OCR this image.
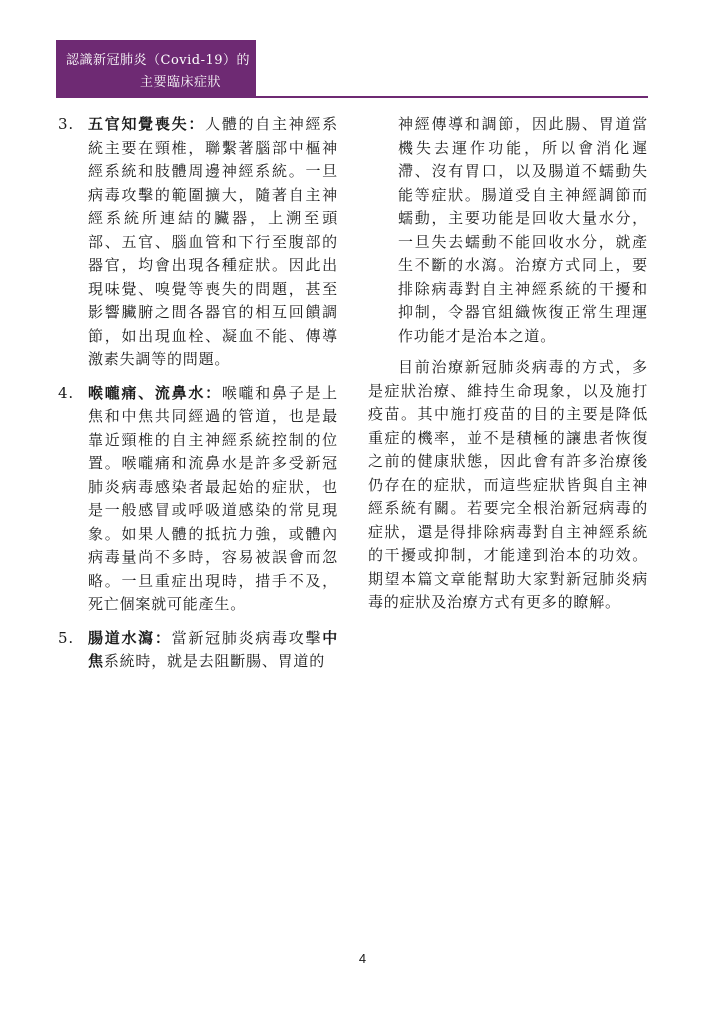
認識新冠肺炎（Covid-19）的
主要臨床症狀
3. 五官知覺喪失：人體的自主神經系統主要在頸椎，聯繫著腦部中樞神經系統和肢體周邊神經系統。一旦病毒攻擊的範圍擴大，隨著自主神經系統所連結的臟器，上溯至頭部、五官、腦血管和下行至腹部的器官，均會出現各種症狀。因此出現味覺、嗅覺等喪失的問題，甚至影響臟腑之間各器官的相互回饋調節，如出現血栓、凝血不能、傳導激素失調等的問題。
4. 喉嚨痛、流鼻水：喉嚨和鼻子是上焦和中焦共同經過的管道，也是最靠近頸椎的自主神經系統控制的位置。喉嚨痛和流鼻水是許多受新冠肺炎病毒感染者最起始的症狀，也是一般感冒或呼吸道感染的常見現象。如果人體的抵抗力強，或體內病毒量尚不多時，容易被誤會而忽略。一旦重症出現時，措手不及，死亡個案就可能產生。
5. 腸道水瀉：當新冠肺炎病毒攻擊中焦系統時，就是去阻斷腸、胃道的
神經傳導和調節，因此腸、胃道當機失去運作功能，所以會消化遲滯、沒有胃口，以及腸道不蠕動失能等症狀。腸道受自主神經調節而蠕動，主要功能是回收大量水分，一旦失去蠕動不能回收水分，就產生不斷的水瀉。治療方式同上，要排除病毒對自主神經系統的干擾和抑制，令器官組織恢復正常生理運作功能才是治本之道。
目前治療新冠肺炎病毒的方式，多是症狀治療、維持生命現象，以及施打疫苗。其中施打疫苗的目的主要是降低重症的機率，並不是積極的讓患者恢復之前的健康狀態，因此會有許多治療後仍存在的症狀，而這些症狀皆與自主神經系統有關。若要完全根治新冠病毒的症狀，還是得排除病毒對自主神經系統的干擾或抑制，才能達到治本的功效。期望本篇文章能幫助大家對新冠肺炎病毒的症狀及治療方式有更多的瞭解。
4
